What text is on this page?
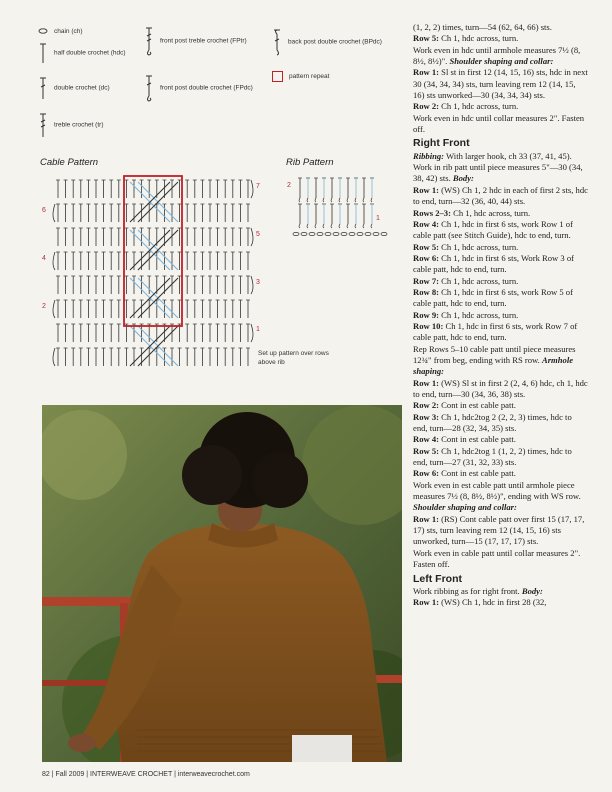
chain (ch)
half double crochet (hdc)
double crochet (dc)
treble crochet (tr)
front post treble crochet (FPtr)
front post double crochet (FPdc)
back post double crochet (BPdc)
pattern repeat
Cable Pattern	Rib Pattern
7
5
3
1
6
4
2
2
1
Set up pattern over rows above rib

(1, 2, 2) times, turn—54 (62, 64, 66) sts.

Row 5: Ch 1, hdc across, turn.

Work even in hdc until armhole measures 7½ (8, 8½, 8½)". Shoulder shaping and collar:

Row 1: Sl st in first 12 (14, 15, 16) sts, hdc in next 30 (34, 34, 34) sts, turn leaving rem 12 (14, 15, 16) sts unworked—30 (34, 34, 34) sts.

Row 2: Ch 1, hdc across, turn.

Work even in hdc until collar measures 2". Fasten off.

Right Front

Ribbing: With larger hook, ch 33 (37, 41, 45). Work in rib patt until piece measures 5"—30 (34, 38, 42) sts. Body:

Row 1: (WS) Ch 1, 2 hdc in each of first 2 sts, hdc to end, turn—32 (36, 40, 44) sts.

Rows 2–3: Ch 1, hdc across, turn.

Row 4: Ch 1, hdc in first 6 sts, work Row 1 of cable patt (see Stitch Guide), hdc to end, turn.

Row 5: Ch 1, hdc across, turn.

Row 6: Ch 1, hdc in first 6 sts, Work Row 3 of cable patt, hdc to end, turn.

Row 7: Ch 1, hdc across, turn.

Row 8: Ch 1, hdc in first 6 sts, work Row 5 of cable patt, hdc to end, turn.

Row 9: Ch 1, hdc across, turn.

Row 10: Ch 1, hdc in first 6 sts, work Row 7 of cable patt, hdc to end, turn.

Rep Rows 5–10 cable patt until piece measures 12¾" from beg, ending with RS row. Armhole shaping:

Row 1: (WS) Sl st in first 2 (2, 4, 6) hdc, ch 1, hdc to end, turn—30 (34, 36, 38) sts.

Row 2: Cont in est cable patt.

Row 3: Ch 1, hdc2tog 2 (2, 2, 3) times, hdc to end, turn—28 (32, 34, 35) sts.

Row 4: Cont in est cable patt.

Row 5: Ch 1, hdc2tog 1 (1, 2, 2) times, hdc to end, turn—27 (31, 32, 33) sts.

Row 6: Cont in est cable patt.

Work even in est cable patt until armhole piece measures 7½ (8, 8½, 8½)", ending with WS row. Shoulder shaping and collar:

Row 1: (RS) Cont cable patt over first 15 (17, 17, 17) sts, turn leaving rem 12 (14, 15, 16) sts unworked, turn—15 (17, 17, 17) sts.

Work even in cable patt until collar measures 2". Fasten off.

Left Front

Work ribbing as for right front. Body:

Row 1: (WS) Ch 1, hdc in first 28 (32,

82 | Fall 2009 | INTERWEAVE CROCHET | interweavecrochet.com
